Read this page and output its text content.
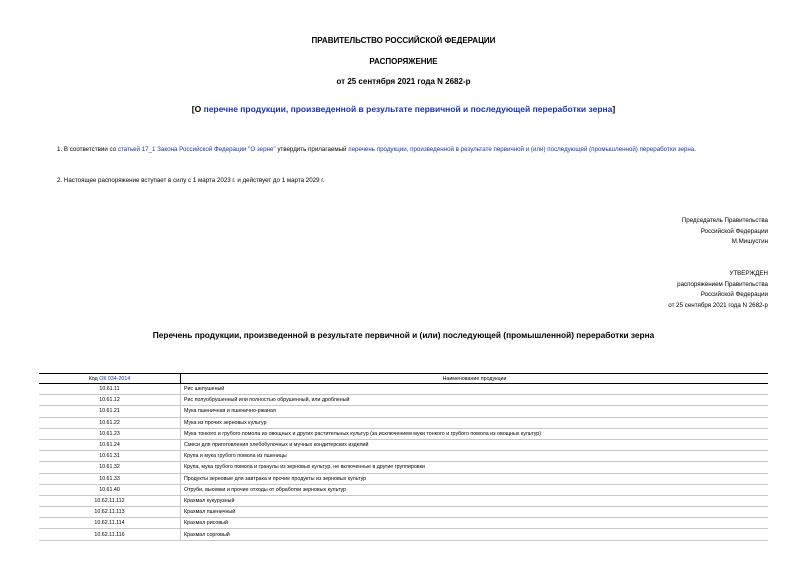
ПРАВИТЕЛЬСТВО РОССИЙСКОЙ ФЕДЕРАЦИИ
РАСПОРЯЖЕНИЕ
от 25 сентября 2021 года N 2682-р
[О перечне продукции, произведенной в результате первичной и последующей переработки зерна]
1. В соответствии со статьей 17_1 Закона Российской Федерации "О зерне" утвердить прилагаемый перечень продукции, произведенной в результате первичной и (или) последующей (промышленной) переработки зерна.
2. Настоящее распоряжение вступает в силу с 1 марта 2023 г. и действует до 1 марта 2029 г.
Председатель Правительства
Российской Федерации
М.Мишустин
УТВЕРЖДЕН
распоряжением Правительства
Российской Федерации
от 25 сентября 2021 года N 2682-р
Перечень продукции, произведенной в результате первичной и (или) последующей (промышленной) переработки зерна
Код ОК 034-2014	Наименование продукции
10.61.11	Рис шелушеный
10.61.12	Рис полуобрушенный или полностью обрушенный, или дробленый
10.61.21	Мука пшеничная и пшенично-ржаная
10.61.22	Мука из прочих зерновых культур
10.61.23	Мука тонкого и грубого помола из овощных и других растительных культур (за исключением муки тонкого и грубого помола из овощных культур)
10.61.24	Смеси для приготовления хлебобулочных и мучных кондитерских изделий
10.61.31	Крупа и мука грубого помола из пшеницы
10.61.32	Крупа, мука грубого помола и гранулы из зерновых культур, не включенные в другие группировки
10.61.33	Продукты зерновые для завтрака и прочие продукты из зерновых культур
10.61.40	Отруби, высевки и прочие отходы от обработки зерновых культур
10.62.11.112	Крахмал кукурузный
10.62.11.113	Крахмал пшеничный
10.62.11.114	Крахмал рисовый
10.62.11.116	Крахмал сорговый
